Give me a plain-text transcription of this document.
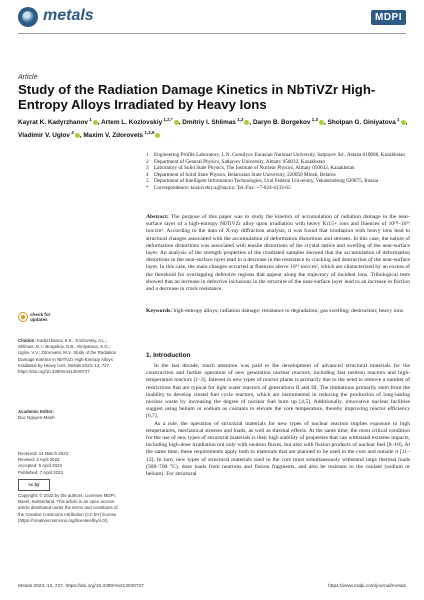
metals	MDPI
Article
Study of the Radiation Damage Kinetics in NbTiVZr High-Entropy Alloys Irradiated by Heavy Ions
Kayrat K. Kadyrzhanov $^1$ , Artem L. Kozlovskiy $^{1,2,*}$ , Dmitriy I. Shlimas $^{1,3}$ , Daryn B. Borgekov $^{1,3}$ , Sholpan G. Giniyatova $^1$ , Vladimir V. Uglov $^4$ , Maxim V. Zdorovets $^{1,3,5}$
1	Engineering Profile Laboratory, L.N. Gumilyov Eurasian National University, Satpayev Str., Astana 010008, Kazakhstan
2	Department of General Physics, Satbayev University, Almaty 050032, Kazakhstan
3	Laboratory of Solid State Physics, The Institute of Nuclear Physics, Almaty 050032, Kazakhstan
4	Department of Solid State Physics, Belarusian State University, 220050 Minsk, Belarus
5	Department of Intelligent Information Technologies, Ural Federal University, Yekaterinburg 620075, Russia
*	Correspondence: kozlovskiy.a@inp.kz; Tel./Fax: +7-024-4133-65
Abstract: The purpose of this paper was to study the kinetics of accumulation of radiation damage in the near-surface layer of a high-entropy NbTiVZr alloy upon irradiation with heavy Kr15+ ions and fluences of 10¹⁰–10¹⁵ ion/cm². According to the data of X-ray diffraction analysis, it was found that irradiation with heavy ions lead to structural changes associated with the accumulation of deformation distortions and stresses. In this case, the nature of deformation distortions was associated with tensile distortions of the crystal lattice and swelling of the near-surface layer. An analysis of the strength properties of the irradiated samples showed that the accumulation of deformation distortions in the near-surface layer lead to a decrease in the resistance to cracking and destruction of the near-surface layer. In this case, the main changes occurred at fluences above 10¹³ ion/cm², which are characterized by an excess of the threshold for overlapping defective regions that appear along the trajectory of incident ions. Tribological tests showed that an increase in defective inclusions in the structure of the near-surface layer lead to an increase in friction and a decrease in crack resistance.
Keywords: high-entropy alloys; radiation damage; resistance to degradation; gas swelling; destruction; heavy ions
check for
updates
Citation: Kadyrzhanov, K.K.; Kozlovskiy, A.L.; Shlimas, D.I.; Borgekov, D.B.; Giniyatova, S.G.; Uglov, V.V.; Zdorovets, M.V. Study of the Radiation Damage Kinetics in NbTiVZr High-Entropy Alloys Irradiated by Heavy Ions. Metals 2023, 13, 727. https://doi.org/10.3390/met13040727
Academic Editor:
Duc Nguyen-Manh
Received: 14 March 2023
Revised: 3 April 2023
Accepted: 5 April 2023
Published: 7 April 2023
cc by

Copyright: © 2023 by the authors. Licensee MDPI, Basel, Switzerland. This article is an open access article distributed under the terms and conditions of the Creative Commons Attribution (CC BY) license (https://creativecommons.org/licenses/by/4.0/).

1. Introduction

In the last decade, much attention was paid to the development of advanced structural materials for the construction and further operation of new generation nuclear reactors, including fast neutron reactors and high-temperature reactors [1–3]. Interest in new types of reactor plants is primarily due to the need to remove a number of restrictions that are typical for light water reactors of generations II and III. The limitations primarily stem from the inability to develop closed fuel cycle reactors, which are instrumental in reducing the production of long-lasting nuclear waste by increasing the degree of nuclear fuel burn up [4,5]. Additionally, innovative nuclear facilities suggest using helium or sodium as coolants to elevate the core temperature, thereby improving reactor efficiency [6,7].

As a rule, the operation of structural materials for new types of nuclear reactors implies exposure to high temperatures, mechanical stresses and loads, as well as thermal effects. At the same time, the most critical condition for the use of new types of structural materials is their high stability of properties that can withstand extreme impacts, including high-dose irradiation not only with neutron fluxes, but also with fission products of nuclear fuel [8–10]. At the same time, these requirements apply both to materials that are planned to be used in the core and outside it [11–13]. In turn, new types of structural materials used in the core must simultaneously withstand large thermal loads (500–700 °C), dose loads from neutrons and fission fragments, and also be resistant to the coolant (sodium or helium). For structural

Metals 2023, 13, 727. https://doi.org/10.3390/met13040727	https://www.mdpi.com/journal/metals
